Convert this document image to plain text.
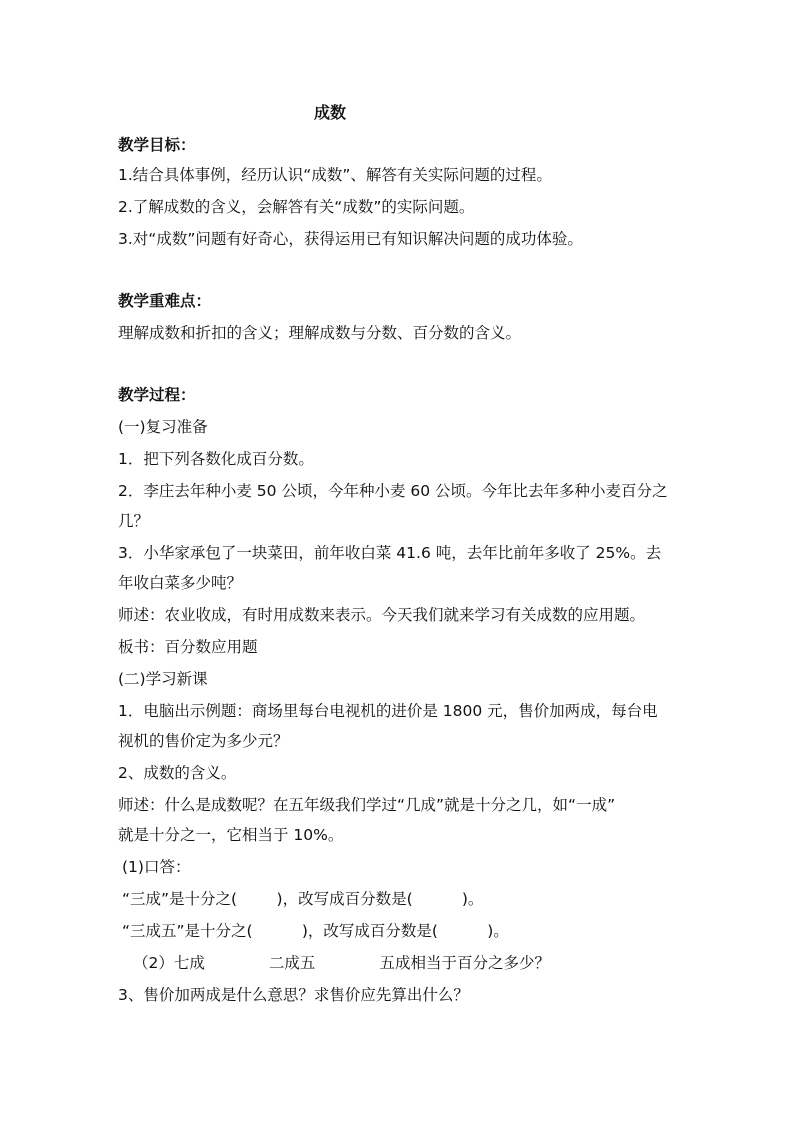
成数
教学目标：
1.结合具体事例，经历认识“成数”、解答有关实际问题的过程。
2.了解成数的含义，会解答有关“成数”的实际问题。
3.对“成数”问题有好奇心，获得运用已有知识解决问题的成功体验。
教学重难点：
理解成数和折扣的含义；理解成数与分数、百分数的含义。
教学过程：
(一)复习准备
1．把下列各数化成百分数。
2．李庄去年种小麦 50 公顷，今年种小麦 60 公顷。今年比去年多种小麦百分之
几？
3．小华家承包了一块菜田，前年收白菜 41.6 吨，去年比前年多收了 25%。去
年收白菜多少吨？
师述：农业收成，有时用成数来表示。今天我们就来学习有关成数的应用题。
板书：百分数应用题
(二)学习新课
1．电脑出示例题：商场里每台电视机的进价是 1800 元，售价加两成，每台电
视机的售价定为多少元？
2、成数的含义。
师述：什么是成数呢？在五年级我们学过“几成”就是十分之几，如“一成”
就是十分之一，它相当于 10%。
(1)口答：
“三成”是十分之(        )，改写成百分数是(          )。
“三成五”是十分之(          )，改写成百分数是(          )。
（2）七成             二成五             五成相当于百分之多少？
3、售价加两成是什么意思？求售价应先算出什么？
